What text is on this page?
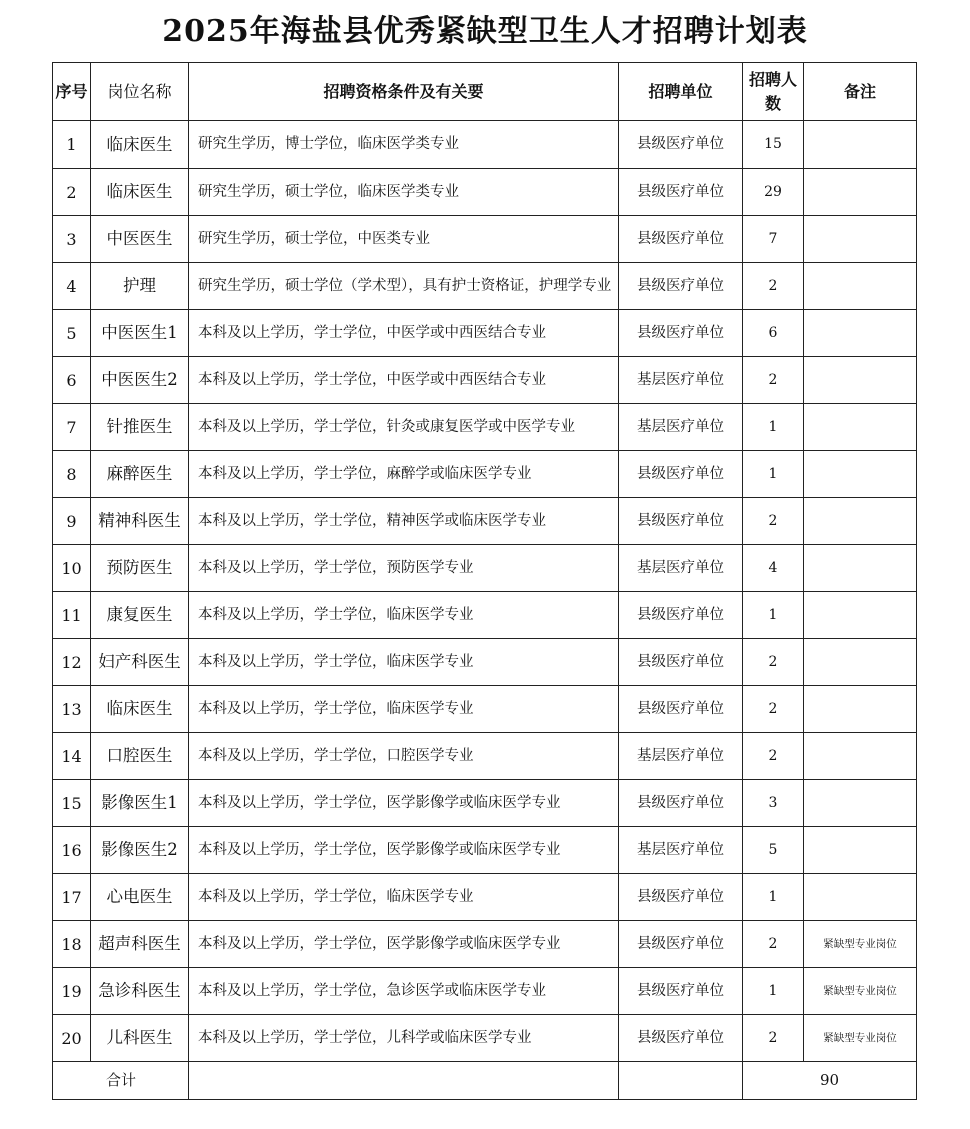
2025年海盐县优秀紧缺型卫生人才招聘计划表
序号	岗位名称	招聘资格条件及有关要	招聘单位	招聘人数	备注
1	临床医生	研究生学历，博士学位，临床医学类专业	县级医疗单位	15	
2	临床医生	研究生学历，硕士学位，临床医学类专业	县级医疗单位	29	
3	中医医生	研究生学历，硕士学位，中医类专业	县级医疗单位	7	
4	护理	研究生学历，硕士学位（学术型），具有护士资格证，护理学专业	县级医疗单位	2	
5	中医医生1	本科及以上学历，学士学位，中医学或中西医结合专业	县级医疗单位	6	
6	中医医生2	本科及以上学历，学士学位，中医学或中西医结合专业	基层医疗单位	2	
7	针推医生	本科及以上学历，学士学位，针灸或康复医学或中医学专业	基层医疗单位	1	
8	麻醉医生	本科及以上学历，学士学位，麻醉学或临床医学专业	县级医疗单位	1	
9	精神科医生	本科及以上学历，学士学位，精神医学或临床医学专业	县级医疗单位	2	
10	预防医生	本科及以上学历，学士学位，预防医学专业	基层医疗单位	4	
11	康复医生	本科及以上学历，学士学位，临床医学专业	县级医疗单位	1	
12	妇产科医生	本科及以上学历，学士学位，临床医学专业	县级医疗单位	2	
13	临床医生	本科及以上学历，学士学位，临床医学专业	县级医疗单位	2	
14	口腔医生	本科及以上学历，学士学位，口腔医学专业	基层医疗单位	2	
15	影像医生1	本科及以上学历，学士学位，医学影像学或临床医学专业	县级医疗单位	3	
16	影像医生2	本科及以上学历，学士学位，医学影像学或临床医学专业	基层医疗单位	5	
17	心电医生	本科及以上学历，学士学位，临床医学专业	县级医疗单位	1	
18	超声科医生	本科及以上学历，学士学位，医学影像学或临床医学专业	县级医疗单位	2	紧缺型专业岗位
19	急诊科医生	本科及以上学历，学士学位，急诊医学或临床医学专业	县级医疗单位	1	紧缺型专业岗位
20	儿科医生	本科及以上学历，学士学位，儿科学或临床医学专业	县级医疗单位	2	紧缺型专业岗位
合计				90	
